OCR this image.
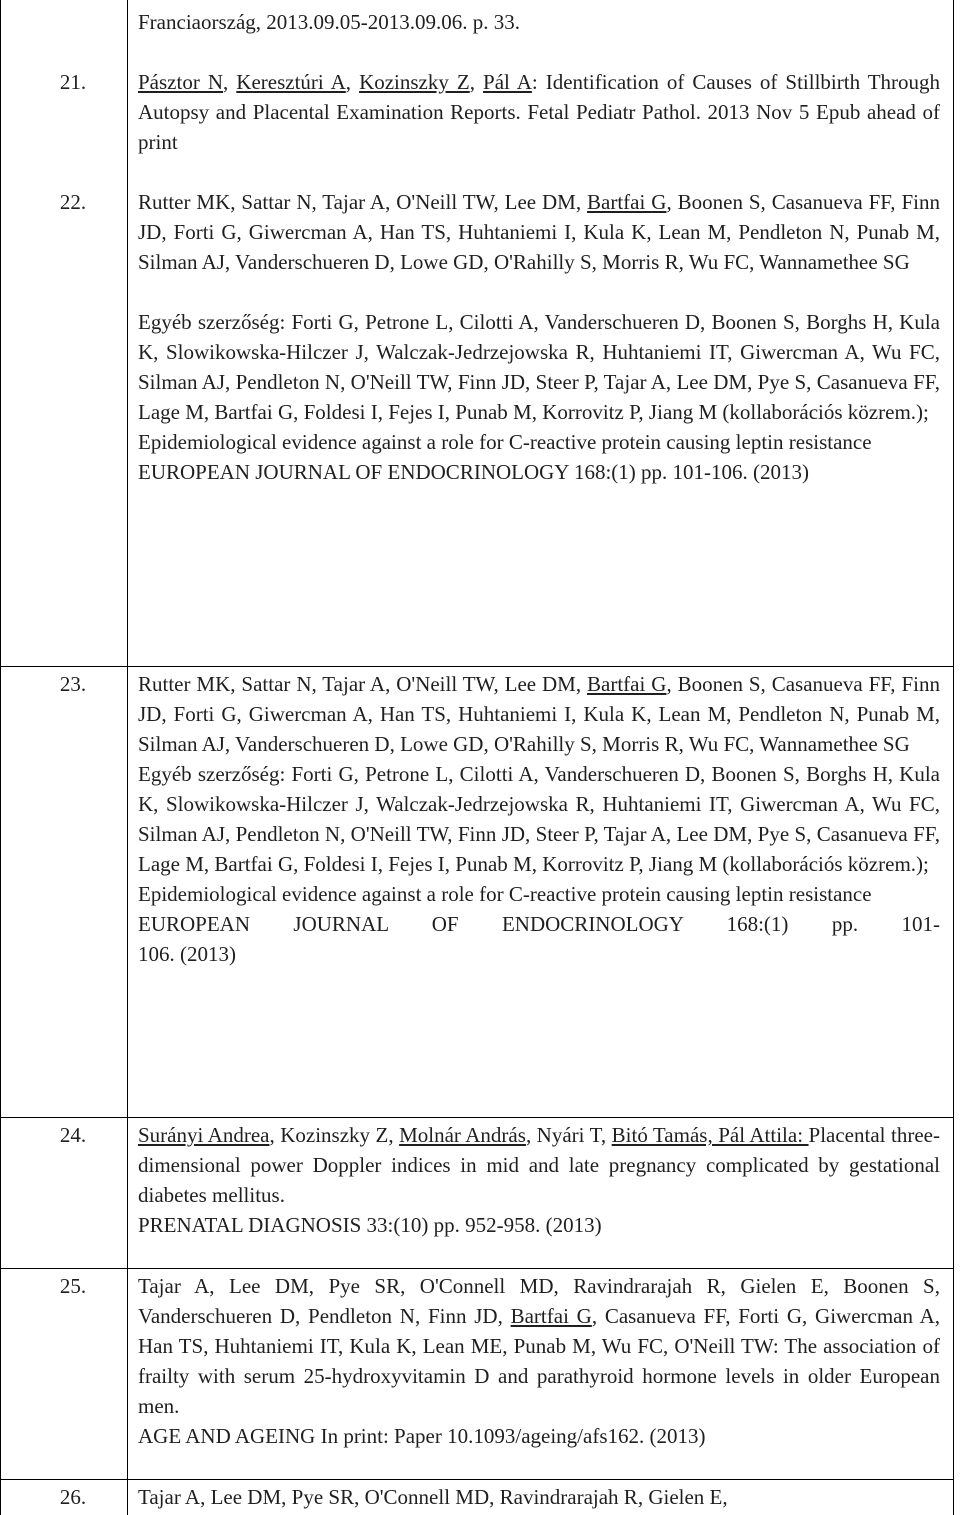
Franciaország, 2013.09.05-2013.09.06. p. 33.

21.	Pásztor N, Keresztúri A, Kozinszky Z, Pál A: Identification of Causes of Stillbirth Through Autopsy and Placental Examination Reports. Fetal Pediatr Pathol. 2013 Nov 5 Epub ahead of print

22.	Rutter MK, Sattar N, Tajar A, O'Neill TW, Lee DM, Bartfai G, Boonen S, Casanueva FF, Finn JD, Forti G, Giwercman A, Han TS, Huhtaniemi I, Kula K, Lean M, Pendleton N, Punab M, Silman AJ, Vanderschueren D, Lowe GD, O'Rahilly S, Morris R, Wu FC, Wannamethee SG

Egyéb szerzőség: Forti G, Petrone L, Cilotti A, Vanderschueren D, Boonen S, Borghs H, Kula K, Slowikowska-Hilczer J, Walczak-Jedrzejowska R, Huhtaniemi IT, Giwercman A, Wu FC, Silman AJ, Pendleton N, O'Neill TW, Finn JD, Steer P, Tajar A, Lee DM, Pye S, Casanueva FF, Lage M, Bartfai G, Foldesi I, Fejes I, Punab M, Korrovitz P, Jiang M (kollaborációs közrem.);

Epidemiological evidence against a role for C-reactive protein causing leptin resistance

EUROPEAN JOURNAL OF ENDOCRINOLOGY 168:(1) pp. 101-106. (2013)

23.	Rutter MK, Sattar N, Tajar A, O'Neill TW, Lee DM, Bartfai G, Boonen S, Casanueva FF, Finn JD, Forti G, Giwercman A, Han TS, Huhtaniemi I, Kula K, Lean M, Pendleton N, Punab M, Silman AJ, Vanderschueren D, Lowe GD, O'Rahilly S, Morris R, Wu FC, Wannamethee SG

Egyéb szerzőség: Forti G, Petrone L, Cilotti A, Vanderschueren D, Boonen S, Borghs H, Kula K, Slowikowska-Hilczer J, Walczak-Jedrzejowska R, Huhtaniemi IT, Giwercman A, Wu FC, Silman AJ, Pendleton N, O'Neill TW, Finn JD, Steer P, Tajar A, Lee DM, Pye S, Casanueva FF, Lage M, Bartfai G, Foldesi I, Fejes I, Punab M, Korrovitz P, Jiang M (kollaborációs közrem.);

Epidemiological evidence against a role for C-reactive protein causing leptin resistance

EUROPEAN JOURNAL OF ENDOCRINOLOGY 168:(1) pp. 101-

106. (2013)

24.	Surányi Andrea, Kozinszky Z, Molnár András, Nyári T, Bitó Tamás, Pál Attila: Placental three-dimensional power Doppler indices in mid and late pregnancy complicated by gestational diabetes mellitus.

PRENATAL DIAGNOSIS 33:(10) pp. 952-958. (2013)

25.	Tajar A, Lee DM, Pye SR, O'Connell MD, Ravindrarajah R, Gielen E, Boonen S, Vanderschueren D, Pendleton N, Finn JD, Bartfai G, Casanueva FF, Forti G, Giwercman A, Han TS, Huhtaniemi IT, Kula K, Lean ME, Punab M, Wu FC, O'Neill TW: The association of frailty with serum 25-hydroxyvitamin D and parathyroid hormone levels in older European men.

AGE AND AGEING In print: Paper 10.1093/ageing/afs162. (2013)

26.	Tajar A, Lee DM, Pye SR, O'Connell MD, Ravindrarajah R, Gielen E,
